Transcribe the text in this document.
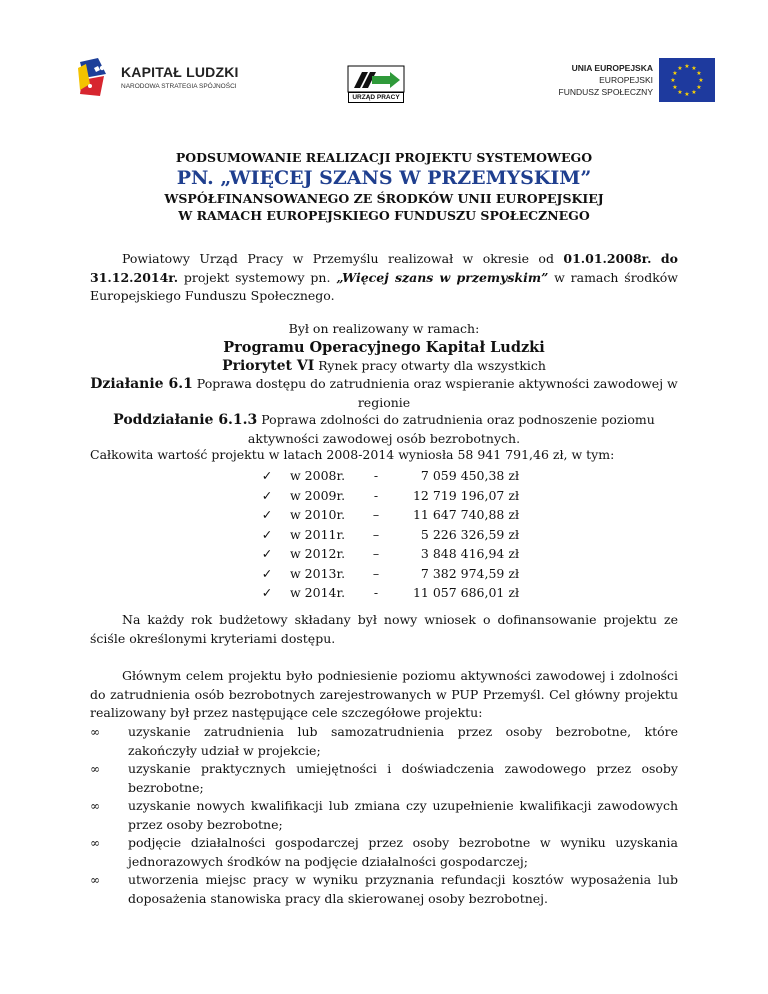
KAPITAŁ LUDZKI
NARODOWA STRATEGIA SPÓJNOŚCI
URZĄD PRACY
UNIA EUROPEJSKA
EUROPEJSKI
FUNDUSZ SPOŁECZNY
★ ★
★
★
★
★
★
★
★
★
★
★
PODSUMOWANIE REALIZACJI PROJEKTU SYSTEMOWEGO
PN. „WIĘCEJ SZANS W PRZEMYSKIM”
WSPÓŁFINANSOWANEGO ZE ŚRODKÓW UNII EUROPEJSKIEJ
W RAMACH EUROPEJSKIEGO FUNDUSZU SPOŁECZNEGO
Powiatowy Urząd Pracy w Przemyślu realizował w okresie od 01.01.2008r. do 31.12.2014r. projekt systemowy pn. „Więcej szans w przemyskim” w ramach środków Europejskiego Funduszu Społecznego.
Był on realizowany w ramach:
Programu Operacyjnego Kapitał Ludzki
Priorytet VI Rynek pracy otwarty dla wszystkich
Działanie 6.1 Poprawa dostępu do zatrudnienia oraz wspieranie aktywności zawodowej w regionie
Poddziałanie 6.1.3 Poprawa zdolności do zatrudnienia oraz podnoszenie poziomu aktywności zawodowej osób bezrobotnych.
Całkowita wartość projektu w latach 2008-2014 wyniosła 58 941 791,46 zł, w tym:
✓ w 2008r.	-	7 059 450,38 zł
✓ w 2009r.	-	12 719 196,07 zł
✓ w 2010r.	–	11 647 740,88 zł
✓ w 2011r.	–	5 226 326,59 zł
✓ w 2012r.	–	3 848 416,94 zł
✓ w 2013r.	–	7 382 974,59 zł
✓ w 2014r.	-	11 057 686,01 zł
Na każdy rok budżetowy składany był nowy wniosek o dofinansowanie projektu ze ściśle określonymi kryteriami dostępu.
Głównym celem projektu było podniesienie poziomu aktywności zawodowej i zdolności do zatrudnienia osób bezrobotnych zarejestrowanych w PUP Przemyśl. Cel główny projektu realizowany był przez następujące cele szczegółowe projektu:
∞ uzyskanie zatrudnienia lub samozatrudnienia przez osoby bezrobotne, które zakończyły udział w projekcie;
∞ uzyskanie praktycznych umiejętności i doświadczenia zawodowego przez osoby bezrobotne;
∞ uzyskanie nowych kwalifikacji lub zmiana czy uzupełnienie kwalifikacji zawodowych przez osoby bezrobotne;
∞ podjęcie działalności gospodarczej przez osoby bezrobotne w wyniku uzyskania jednorazowych środków na podjęcie działalności gospodarczej;
∞ utworzenia miejsc pracy w wyniku przyznania refundacji kosztów wyposażenia lub doposażenia stanowiska pracy dla skierowanej osoby bezrobotnej.
